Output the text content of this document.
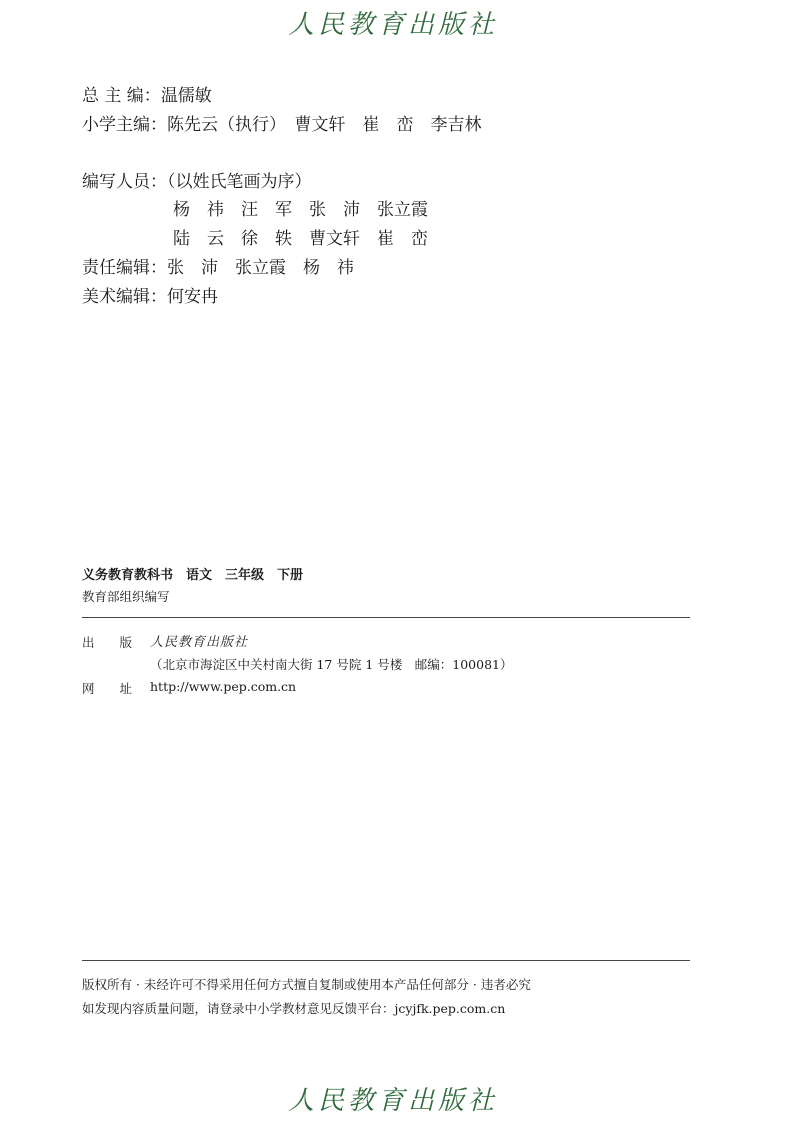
人民教育出版社
总 主 编：温儒敏
小学主编：陈先云（执行）　曹文轩　崔　峦　李吉林
编写人员：（以姓氏笔画为序）
杨　祎　汪　军　张　沛　张立霞
陆　云　徐　轶　曹文轩　崔　峦
责任编辑：张　沛　张立霞　杨　祎
美术编辑：何安冉
义务教育教科书　语文　三年级　下册
教育部组织编写
出　　版 人民教育出版社
（北京市海淀区中关村南大街 17 号院 1 号楼　邮编：100081）
网　　址 http://www.pep.com.cn
版权所有 · 未经许可不得采用任何方式擅自复制或使用本产品任何部分 · 违者必究
如发现内容质量问题，请登录中小学教材意见反馈平台：jcyjfk.pep.com.cn
人民教育出版社
